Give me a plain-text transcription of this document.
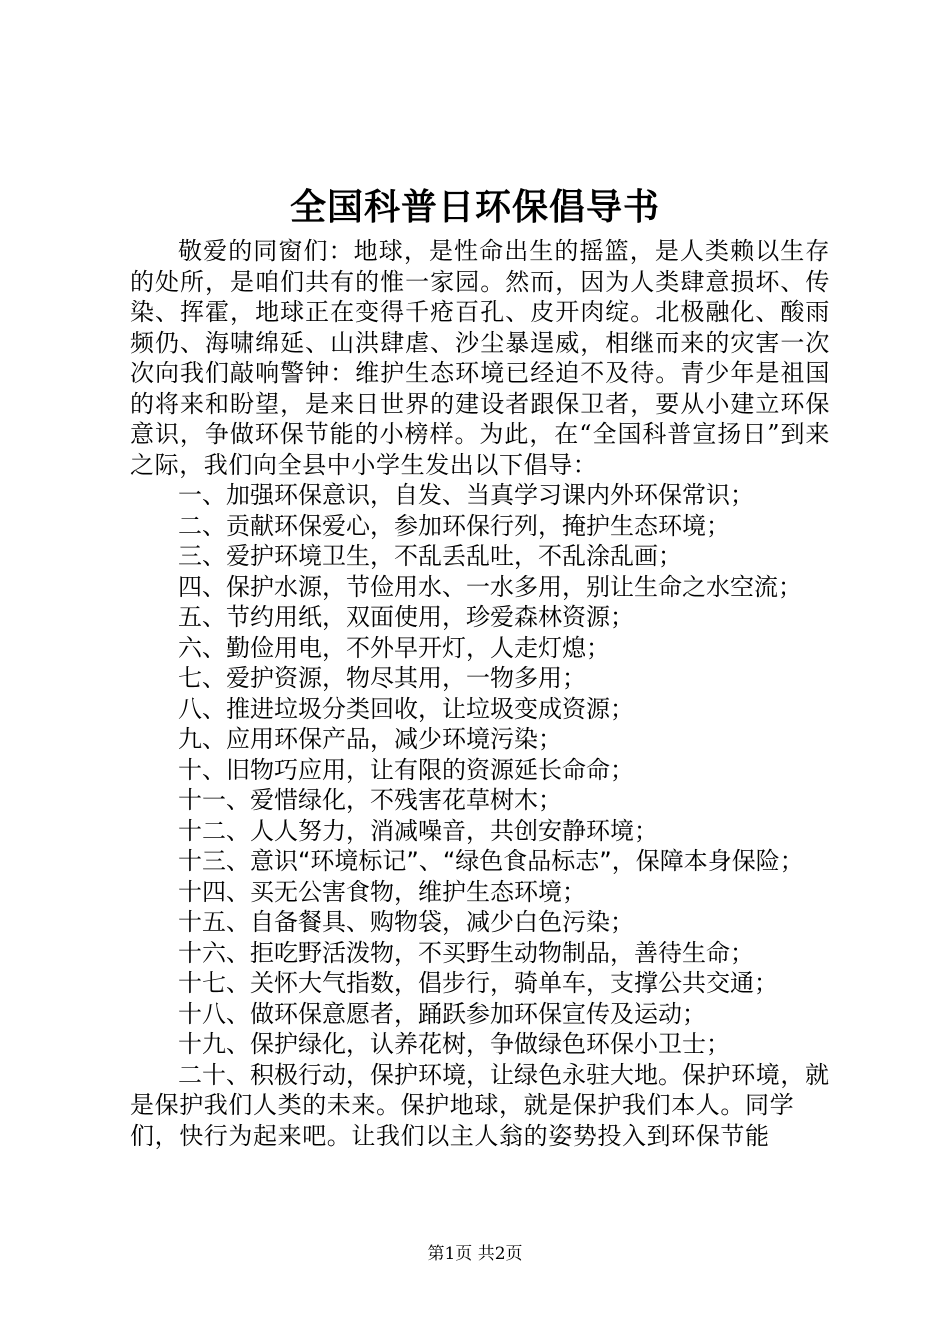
全国科普日环保倡导书

敬爱的同窗们：地球，是性命出生的摇篮，是人类赖以生存的处所，是咱们共有的惟一家园。然而，因为人类肆意损坏、传染、挥霍，地球正在变得千疮百孔、皮开肉绽。北极融化、酸雨频仍、海啸绵延、山洪肆虐、沙尘暴逞威，相继而来的灾害一次次向我们敲响警钟：维护生态环境已经迫不及待。青少年是祖国的将来和盼望，是来日世界的建设者跟保卫者，要从小建立环保意识，争做环保节能的小榜样。为此，在“全国科普宣扬日”到来之际，我们向全县中小学生发出以下倡导：

一、加强环保意识，自发、当真学习课内外环保常识；

二、贡献环保爱心，参加环保行列，掩护生态环境；

三、爱护环境卫生，不乱丢乱吐，不乱涂乱画；

四、保护水源，节俭用水、一水多用，别让生命之水空流；

五、节约用纸，双面使用，珍爱森林资源；

六、勤俭用电，不外早开灯，人走灯熄；

七、爱护资源，物尽其用，一物多用；

八、推进垃圾分类回收，让垃圾变成资源；

九、应用环保产品，减少环境污染；

十、旧物巧应用，让有限的资源延长命命；

十一、爱惜绿化，不残害花草树木；

十二、人人努力，消减噪音，共创安静环境；

十三、意识“环境标记”、“绿色食品标志”，保障本身保险；

十四、买无公害食物，维护生态环境；

十五、自备餐具、购物袋，减少白色污染；

十六、拒吃野活泼物，不买野生动物制品，善待生命；

十七、关怀大气指数，倡步行，骑单车，支撑公共交通；

十八、做环保意愿者，踊跃参加环保宣传及运动；

十九、保护绿化，认养花树，争做绿色环保小卫士；

二十、积极行动，保护环境，让绿色永驻大地。保护环境，就是保护我们人类的未来。保护地球，就是保护我们本人。同学们，快行为起来吧。让我们以主人翁的姿势投入到环保节能

第1页 共2页
